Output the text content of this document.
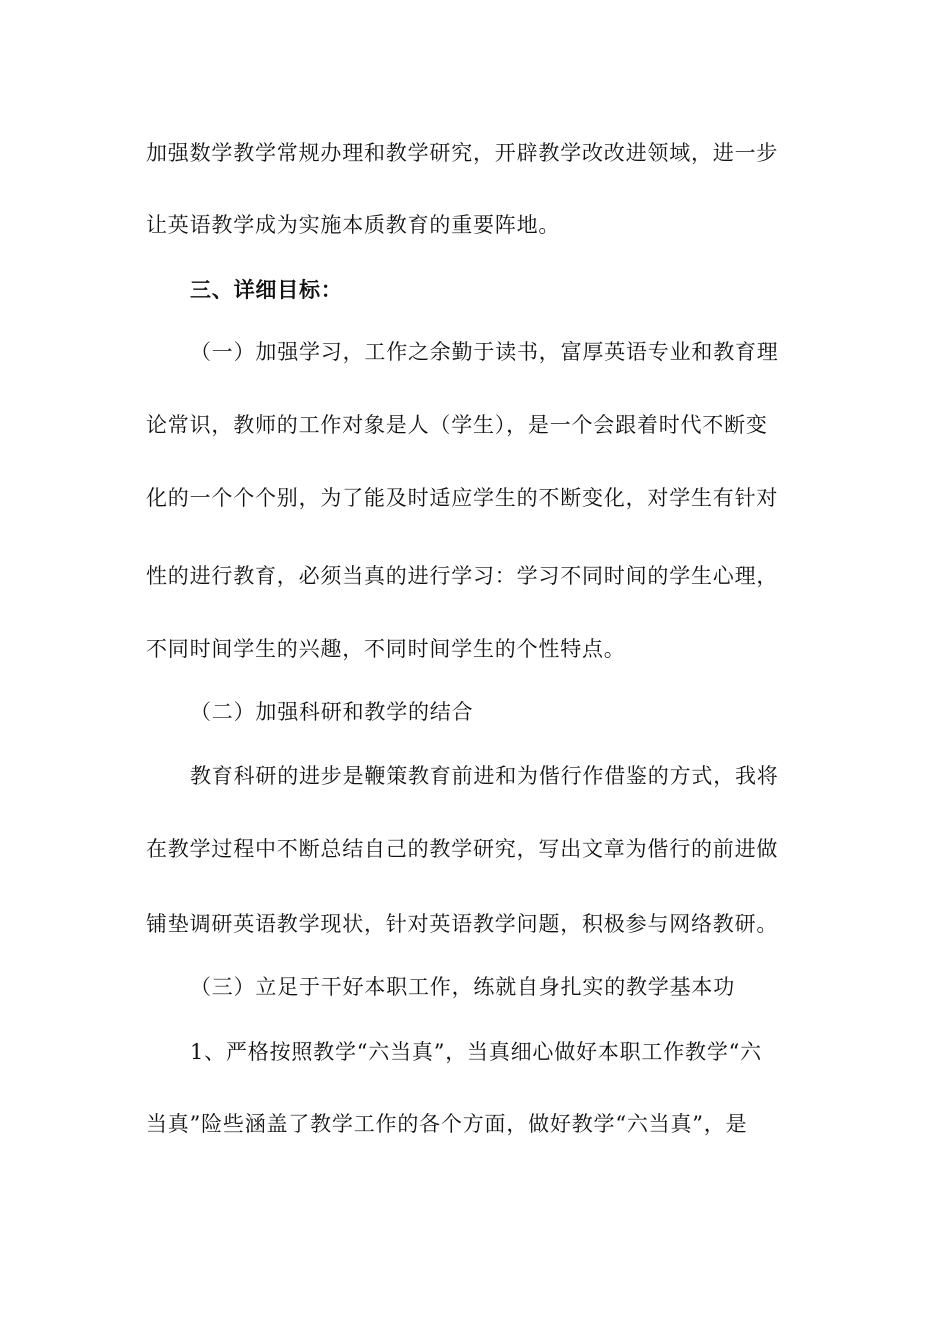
加强数学教学常规办理和教学研究，开辟教学改改进领域，进一步
让英语教学成为实施本质教育的重要阵地。
三、详细目标：
（一）加强学习，工作之余勤于读书，富厚英语专业和教育理
论常识，教师的工作对象是人（学生），是一个会跟着时代不断变
化的一个个个别，为了能及时适应学生的不断变化，对学生有针对
性的进行教育，必须当真的进行学习：学习不同时间的学生心理，
不同时间学生的兴趣，不同时间学生的个性特点。
（二）加强科研和教学的结合
教育科研的进步是鞭策教育前进和为偕行作借鉴的方式，我将
在教学过程中不断总结自己的教学研究，写出文章为偕行的前进做
铺垫调研英语教学现状，针对英语教学问题，积极参与网络教研。
（三）立足于干好本职工作，练就自身扎实的教学基本功
1、严格按照教学“六当真”，当真细心做好本职工作教学“六
当真”险些涵盖了教学工作的各个方面，做好教学“六当真”，是
